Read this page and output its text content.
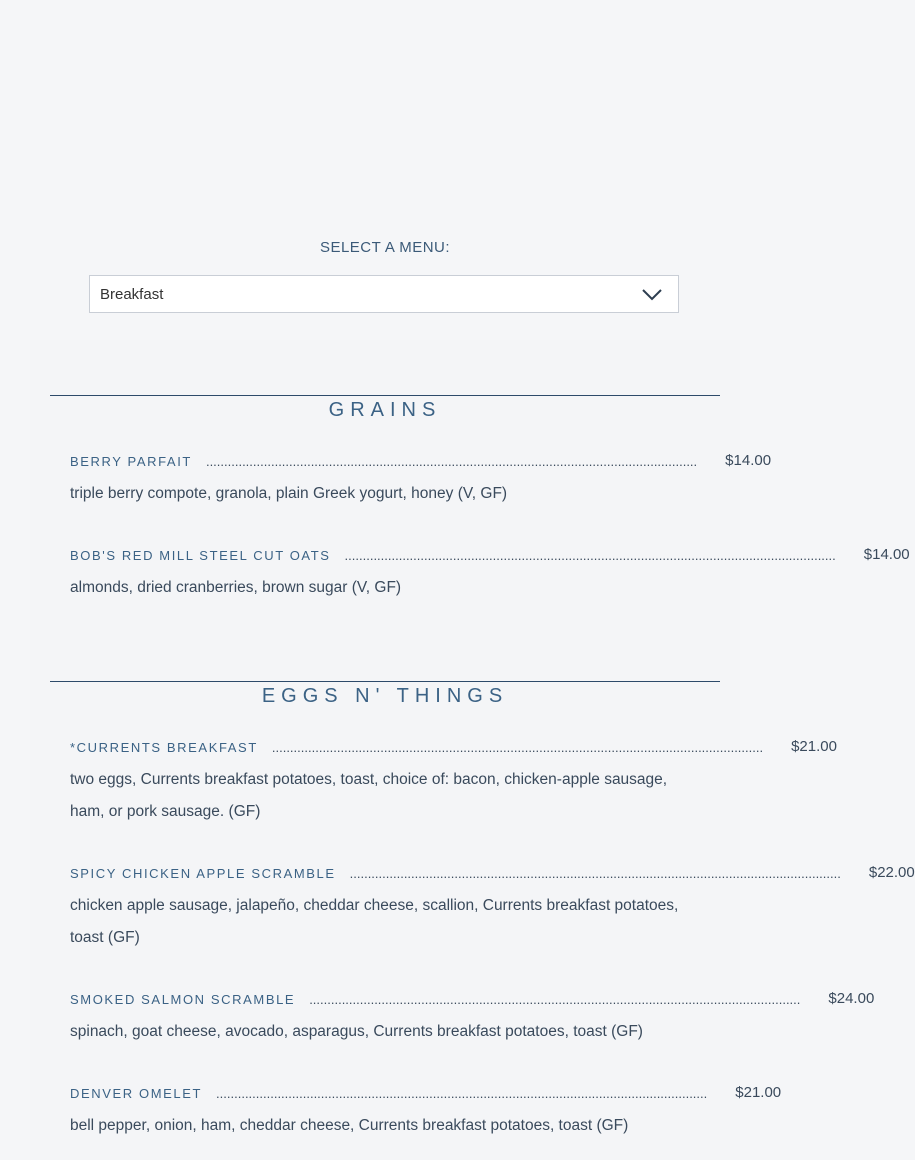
SELECT A MENU:
Breakfast
GRAINS
BERRY PARFAIT	........................................................................................................................................ $14.00
triple berry compote, granola, plain Greek yogurt, honey (V, GF)
BOB'S RED MILL STEEL CUT OATS	........................................................................................................................................ $14.00
almonds, dried cranberries, brown sugar (V, GF)
EGGS N' THINGS
*CURRENTS BREAKFAST	........................................................................................................................................ $21.00
two eggs, Currents breakfast potatoes, toast, choice of: bacon, chicken-apple sausage, ham, or pork sausage. (GF)
SPICY CHICKEN APPLE SCRAMBLE	........................................................................................................................................ $22.00
chicken apple sausage, jalapeño, cheddar cheese, scallion, Currents breakfast potatoes, toast (GF)
SMOKED SALMON SCRAMBLE	........................................................................................................................................ $24.00
spinach, goat cheese, avocado, asparagus, Currents breakfast potatoes, toast (GF)
DENVER OMELET	........................................................................................................................................ $21.00
bell pepper, onion, ham, cheddar cheese, Currents breakfast potatoes, toast (GF)
